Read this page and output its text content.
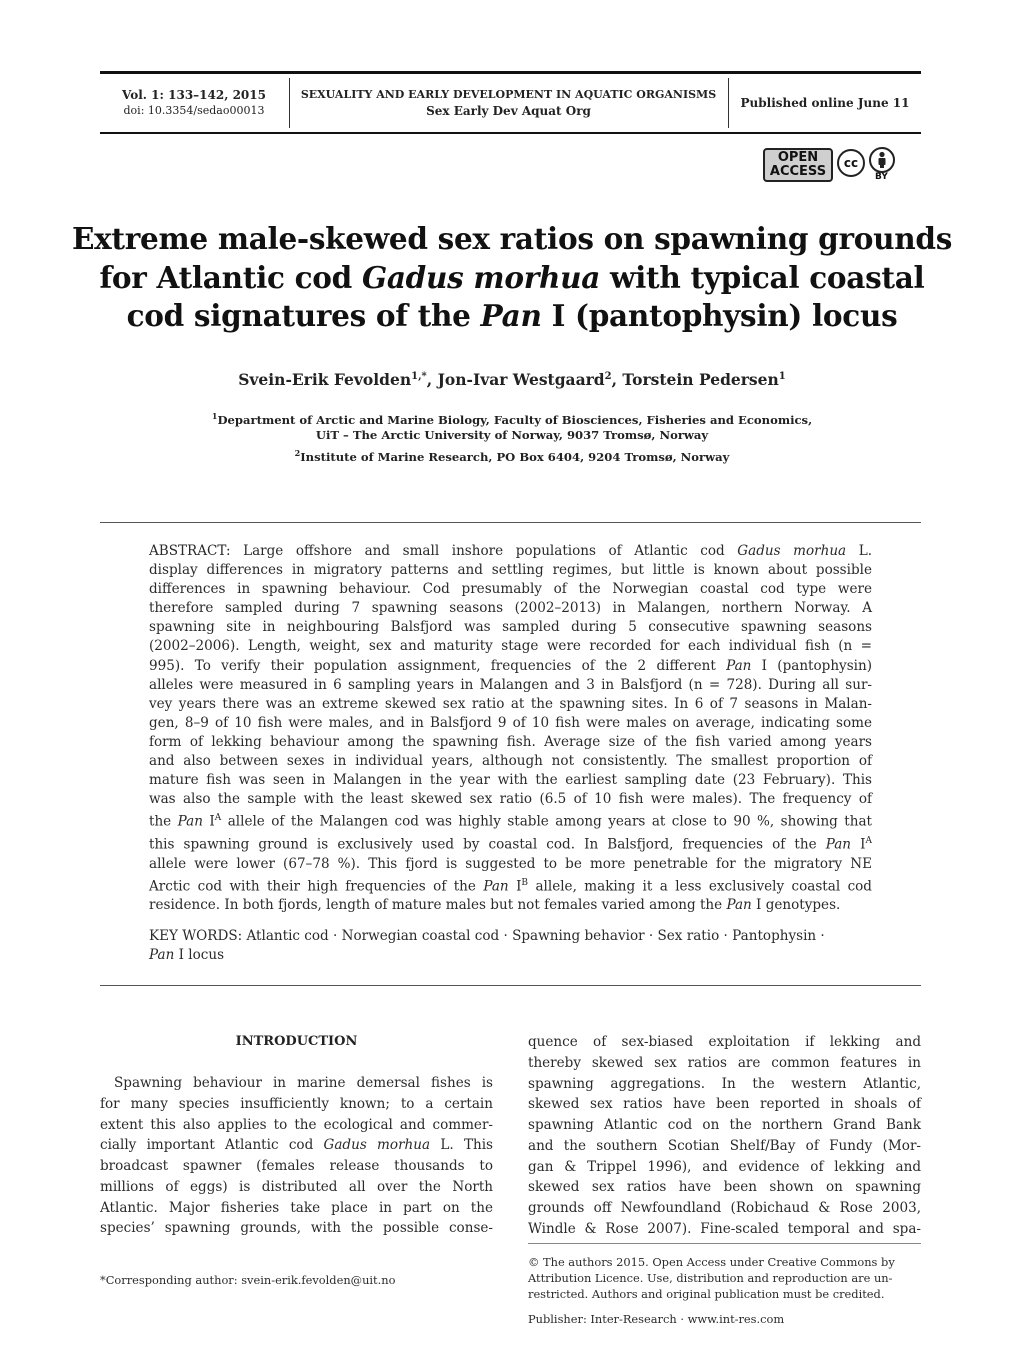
Vol. 1: 133–142, 2015
doi: 10.3354/sedao00013
SEXUALITY AND EARLY DEVELOPMENT IN AQUATIC ORGANISMS
Sex Early Dev Aquat Org
Published online June 11
OPEN
ACCESS
cc
BY
Extreme male-skewed sex ratios on spawning grounds
for Atlantic cod Gadus morhua with typical coastal
cod signatures of the Pan I (pantophysin) locus
Svein-Erik Fevolden$^{1,*}$, Jon-Ivar Westgaard$^2$, Torstein Pedersen$^1$
$^1$Department of Arctic and Marine Biology, Faculty of Biosciences, Fisheries and Economics,
UiT – The Arctic University of Norway, 9037 Tromsø, Norway
$^2$Institute of Marine Research, PO Box 6404, 9204 Tromsø, Norway
ABSTRACT: Large offshore and small inshore populations of Atlantic cod Gadus morhua L.
display differences in migratory patterns and settling regimes, but little is known about possible
differences in spawning behaviour. Cod presumably of the Norwegian coastal cod type were
therefore sampled during 7 spawning seasons (2002–2013) in Malangen, northern Norway. A
spawning site in neighbouring Balsfjord was sampled during 5 consecutive spawning seasons
(2002–2006). Length, weight, sex and maturity stage were recorded for each individual fish (n =
995). To verify their population assignment, frequencies of the 2 different Pan I (pantophysin)
alleles were measured in 6 sampling years in Malangen and 3 in Balsfjord (n = 728). During all sur-
vey years there was an extreme skewed sex ratio at the spawning sites. In 6 of 7 seasons in Malan-
gen, 8–9 of 10 fish were males, and in Balsfjord 9 of 10 fish were males on average, indicating some
form of lekking behaviour among the spawning fish. Average size of the fish varied among years
and also between sexes in individual years, although not consistently. The smallest proportion of
mature fish was seen in Malangen in the year with the earliest sampling date (23 February). This
was also the sample with the least skewed sex ratio (6.5 of 10 fish were males). The frequency of
the Pan $I^A$ allele of the Malangen cod was highly stable among years at close to 90 %, showing that
this spawning ground is exclusively used by coastal cod. In Balsfjord, frequencies of the Pan $I^A$
allele were lower (67–78 %). This fjord is suggested to be more penetrable for the migratory NE
Arctic cod with their high frequencies of the Pan $I^B$ allele, making it a less exclusively coastal cod
residence. In both fjords, length of mature males but not females varied among the Pan I genotypes.
KEY WORDS: Atlantic cod · Norwegian coastal cod · Spawning behavior · Sex ratio · Pantophysin ·
Pan I locus
INTRODUCTION
Spawning behaviour in marine demersal fishes is
for many species insufficiently known; to a certain
extent this also applies to the ecological and commer-
cially important Atlantic cod Gadus morhua L. This
broadcast spawner (females release thousands to
millions of eggs) is distributed all over the North
Atlantic. Major fisheries take place in part on the
species’ spawning grounds, with the possible conse-
quence of sex-biased exploitation if lekking and
thereby skewed sex ratios are common features in
spawning aggregations. In the western Atlantic,
skewed sex ratios have been reported in shoals of
spawning Atlantic cod on the northern Grand Bank
and the southern Scotian Shelf/Bay of Fundy (Mor-
gan & Trippel 1996), and evidence of lekking and
skewed sex ratios have been shown on spawning
grounds off Newfoundland (Robichaud & Rose 2003,
Windle & Rose 2007). Fine-scaled temporal and spa-
*Corresponding author: svein-erik.fevolden@uit.no
© The authors 2015. Open Access under Creative Commons by
Attribution Licence. Use, distribution and reproduction are un-
restricted. Authors and original publication must be credited.
Publisher: Inter-Research · www.int-res.com
